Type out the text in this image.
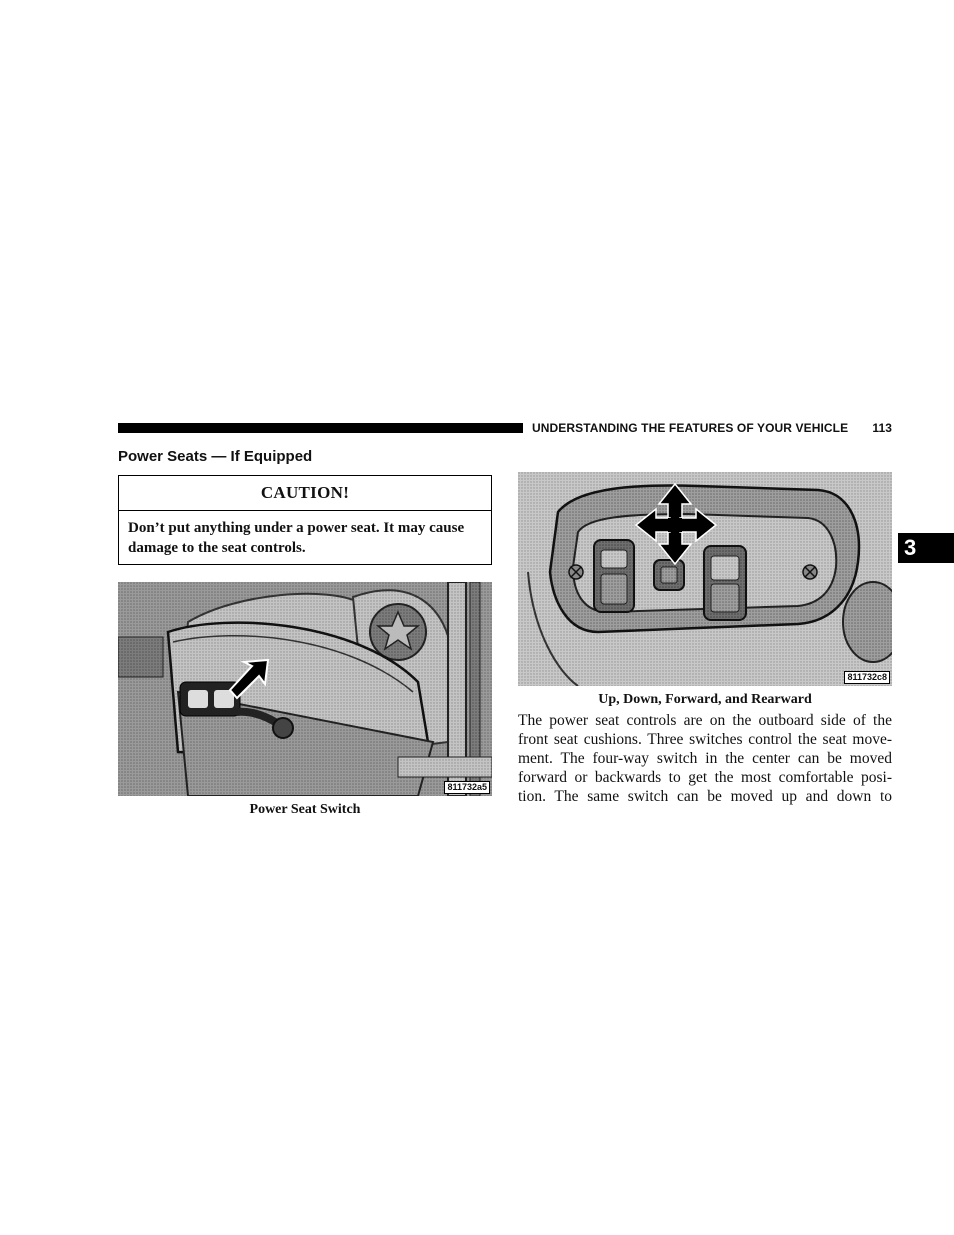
UNDERSTANDING THE FEATURES OF YOUR VEHICLE 113
Power Seats — If Equipped
CAUTION!
Don’t put anything under a power seat. It may cause damage to the seat controls.
811732a5
Power Seat Switch
811732c8
Up, Down, Forward, and Rearward
The power seat controls are on the outboard side of the
front seat cushions. Three switches control the seat move-
ment. The four-way switch in the center can be moved
forward or backwards to get the most comfortable posi-
tion. The same switch can be moved up and down to
3
